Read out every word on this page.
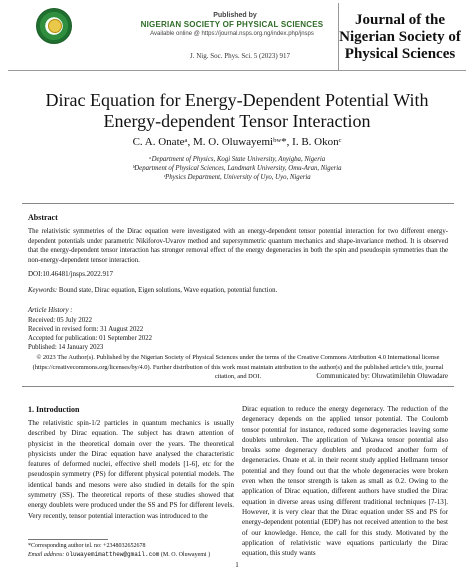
Published by
NIGERIAN SOCIETY OF PHYSICAL SCIENCES
Available online @ https://journal.nsps.org.ng/index.php/jnsps
Journal of the Nigerian Society of Physical Sciences
J. Nig. Soc. Phys. Sci. 5 (2023) 917
Dirac Equation for Energy-Dependent Potential With Energy-dependent Tensor Interaction
C. A. Onateᵃ, M. O. Oluwayemiᵇʷ*, I. B. Okonᶜ
ᵃDepartment of Physics, Kogi State University, Anyigba, Nigeria
ᵇDepartment of Physical Sciences, Landmark University, Omu-Aran, Nigeria
ᶜPhysics Department, University of Uyo, Uyo, Nigeria
Abstract
The relativistic symmetries of the Dirac equation were investigated with an energy-dependent tensor potential interaction for two different energy-dependent potentials under parametric Nikiforov-Uvarov method and supersymmetric quantum mechanics and shape-invariance method. It is observed that the energy-dependent tensor interaction has stronger removal effect of the energy degeneracies in both the spin and pseudospin symmetries than the non-energy-dependent tensor interaction.
DOI:10.46481/jnsps.2022.917
Keywords: Bound state, Dirac equation, Eigen solutions, Wave equation, potential function.
Article History :
Received: 05 July 2022
Received in revised form: 31 August 2022
Accepted for publication: 01 September 2022
Published: 14 January 2023
© 2023 The Author(s). Published by the Nigerian Society of Physical Sciences under the terms of the Creative Commons Attribution 4.0 International license (https://creativecommons.org/licenses/by/4.0). Further distribution of this work must maintain attribution to the author(s) and the published article’s title, journal citation, and DOI.	Communicated by: Oluwatimilehin Oluwadare
1. Introduction

The relativistic spin-1/2 particles in quantum mechanics is usually described by Dirac equation. The subject has drawn attention of physicist in the theoretical domain over the years. The theoretical physicists under the Dirac equation have analysed the characteristic features of deformed nuclei, effective shell models [1-6], etc for the pseudospin symmetry (PS) for different physical potential models. The identical bands and mesons were also studied in details for the spin symmetry (SS). The theoretical reports of these studies showed that energy doublets were produced under the SS and PS for different levels. Very recently, tensor potential interaction was introduced to the

Dirac equation to reduce the energy degeneracy. The reduction of the degeneracy depends on the applied tensor potential. The Coulomb tensor potential for instance, reduced some degeneracies leaving some doublets unbroken. The application of Yukawa tensor potential also breaks some degeneracy doublets and produced another form of degeneracies. Onate et al. in their recent study applied Hellmann tensor potential and they found out that the whole degeneracies were broken even when the tensor strength is taken as small as 0.2. Owing to the application of Dirac equation, different authors have studied the Dirac equation in diverse areas using different traditional techniques [7-13]. However, it is very clear that the Dirac equation under SS and PS for energy-dependent potential (EDP) has not received attention to the best of our knowledge. Hence, the call for this study. Motivated by the application of relativistic wave equations particularly the Dirac equation, this study wants

*Corresponding author tel. no: +2348032652678
Email address: oluwayemimatthew@gmail.com (M. O. Oluwayemi )
1
